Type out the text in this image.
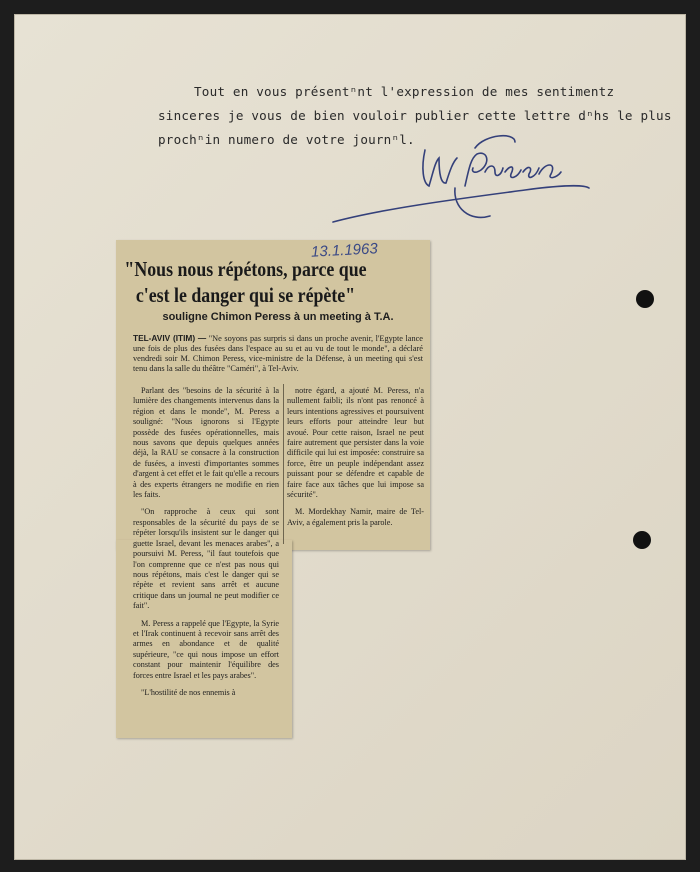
Tout en vous présentⁿnt l'expression de mes sentimentz
sinceres je vous de bien vouloir publier cette lettre dⁿhs le plus
prochⁿin numero de votre journⁿl.
13.1.1963
"Nous nous répétons, parce que c'est le danger qui se répète"
souligne Chimon Peress à un meeting à T.A.
TEL-AVIV (ITIM) — "Ne soyons pas surpris si dans un proche avenir, l'Egypte lance une fois de plus des fusées dans l'espace au su et au vu de tout le monde", a déclaré vendredi soir M. Chimon Peress, vice-ministre de la Défense, à un meeting qui s'est tenu dans la salle du théâtre "Caméri", à Tel-Aviv.

Parlant des "besoins de la sécurité à la lumière des changements intervenus dans la région et dans le monde", M. Peress a souligné: "Nous ignorons si l'Egypte possède des fusées opérationnelles, mais nous savons que depuis quelques années déjà, la RAU se consacre à la construction de fusées, a investi d'importantes sommes d'argent à cet effet et le fait qu'elle a recours à des experts étrangers ne modifie en rien les faits.

"On rapproche à ceux qui sont responsables de la sécurité du pays de se répéter lorsqu'ils insistent sur le danger qui guette Israel, devant les menaces arabes", a poursuivi M. Peress, "il faut toutefois que l'on comprenne que ce n'est pas nous qui nous répétons, mais c'est le danger qui se répète et revient sans arrêt et aucune critique dans un journal ne peut modifier ce fait".

M. Peress a rappelé que l'Egypte, la Syrie et l'Irak continuent à recevoir sans arrêt des armes en abondance et de qualité supérieure, "ce qui nous impose un effort constant pour maintenir l'équilibre des forces entre Israel et les pays arabes".

"L'hostilité de nos ennemis à

notre égard, a ajouté M. Peress, n'a nullement faibli; ils n'ont pas renoncé à leurs intentions agressives et poursuivent leurs efforts pour atteindre leur but avoué. Pour cette raison, Israel ne peut faire autrement que persister dans la voie difficile qui lui est imposée: construire sa force, être un peuple indépendant assez puissant pour se défendre et capable de faire face aux tâches que lui impose sa sécurité".

M. Mordekhay Namir, maire de Tel-Aviv, a également pris la parole.
